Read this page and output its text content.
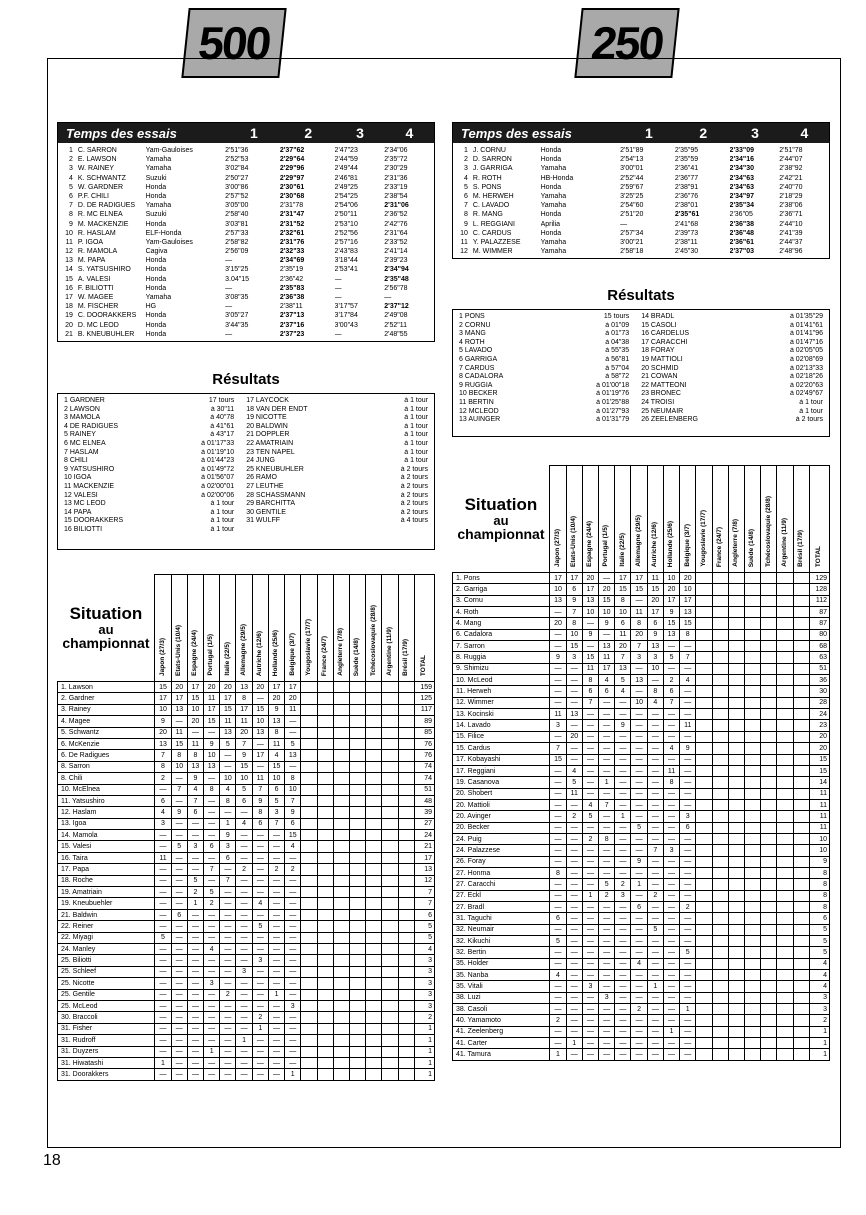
500	250
Temps des essais	1	2	3	4
1 C. SARRON	Yam-Gauloises	2'51"36	2'37"62	2'47"23	2'34"06
2 E. LAWSON	Yamaha	2'52"53	2'29"64	2'44"59	2'35"72
3 W. RAINEY	Yamaha	3'02"84	2'29"96	2'49"44	2'30"29
4 K. SCHWANTZ	Suzuki	2'50"27	2'29"97	2'46"81	2'31"36
5 W. GARDNER	Honda	3'00"86	2'30"61	2'49"25	2'33"19
6 P.F. CHILI	Honda	2'57"52	2'30"68	2'54"25	2'38"54
7 D. DE RADIGUES	Yamaha	3'05"00	2'31"78	2'54"06	2'31"06
8 R. MC ELNEA	Suzuki	2'58"40	2'31"47	2'50"11	2'36"52
9 M. MACKENZIE	Honda	3'03"81	2'31"52	2'53"10	2'42"76
10 R. HASLAM	ELF-Honda	2'57"33	2'32"61	2'52"56	2'31"64
11 P. IGOA	Yam-Gauloises	2'58"82	2'31"76	2'57"16	2'33"52
12 R. MAMOLA	Cagiva	2'56"09	2'32"33	2'43"83	2'41"14
13 M. PAPA	Honda	—	2'34"69	3'18"44	2'39"23
14 S. YATSUSHIRO	Honda	3'15"25	2'35"19	2'53"41	2'34"94
15 A. VALESI	Honda	3.04"15	2'36"42	—	2'35"48
16 F. BILIOTTI	Honda	—	2'35"83	—	2'56"78
17 W. MAGEE	Yamaha	3'08"35	2'36"38	—	—
18 M. FISCHER	HG	—	2'38"11	3'17"57	2'37"12
19 C. DOORAKKERS	Honda	3'05"27	2'37"13	3'17"84	2'49"08
20 D. MC LEOD	Honda	3'44"35	2'37"16	3'00"43	2'52"11
21 B. KNEUBUHLER	Honda	—	2'37"23	—	2'48"55
Temps des essais	1	2	3	4
1 J. CORNU	Honda	2'51"89	2'35"95	2'33"09	2'51"78
2 D. SARRON	Honda	2'54"13	2'35"59	2'34"16	2'44"07
3 J. GARRIGA	Yamaha	3'00"01	2'36"41	2'34"30	2'38"92
4 R. ROTH	HB-Honda	2'52"44	2'36"77	2'34"63	2'42"21
5 S. PONS	Honda	2'59"67	2'38"91	2'34"63	2'40"70
6 M. HERWEH	Yamaha	3'25"25	2'36"76	2'34"97	2'18"29
7 C. LAVADO	Yamaha	2'54"60	2'38"01	2'35"34	2'38"06
8 R. MANG	Honda	2'51"20	2'35"61	2'36"05	2'36"71
9 L. REGGIANI	Aprilia	—	2'41"68	2'36"38	2'44"10
10 C. CARDUS	Honda	2'57"34	2'39"73	2'36"48	2'41"39
11 Y. PALAZZESE	Yamaha	3'00"21	2'38"11	2'36"61	2'44"37
12 M. WIMMER	Yamaha	2'58"18	2'45"30	2'37"03	2'48"96
Résultats
1 GARDNER	17 tours	17 LAYCOCK	à 1 tour
2 LAWSON	à 30"11	18 VAN DER ENDT	à 1 tour
3 MAMOLA	à 40"78	19 NICOTTE	à 1 tour
4 DE RADIGUES	à 41"61	20 BALDWIN	à 1 tour
5 RAINEY	à 43"17	21 DOPPLER	à 1 tour
6 MC ELNEA	à 01'17"33	22 AMATRIAIN	à 1 tour
7 HASLAM	à 01'19"10	23 TEN NAPEL	à 1 tour
8 CHILI	à 01'44"23	24 JUNG	à 1 tour
9 YATSUSHIRO	à 01'49"72	25 KNEUBUHLER	à 2 tours
10 IGOA	à 01'56"07	26 RAMO	à 2 tours
11 MACKENZIE	à 02'00"01	27 LEUTHE	à 2 tours
12 VALESI	à 02'00"06	28 SCHASSMANN	à 2 tours
13 MC LEOD	à 1 tour	29 BARCHITTA	à 2 tours
14 PAPA	à 1 tour	30 GENTILE	à 2 tours
15 DOORAKKERS	à 1 tour	31 WULFF	à 4 tours
16 BILIOTTI	à 1 tour
Résultats
1 PONS	15 tours	14 BRADL	à 01'35"29
2 CORNU	à 01"09	15 CASOLI	à 01'41"61
3 MANG	à 01"73	16 CARDELUS	à 01'41"96
4 ROTH	à 04"38	17 CARACCHI	à 01'47"16
5 LAVADO	à 55"35	18 FORAY	à 02'05"05
6 GARRIGA	à 56"81	19 MATTIOLI	à 02'08"69
7 CARDUS	à 57"04	20 SCHMID	à 02'13"33
8 CADALORA	à 58"72	21 COWAN	à 02'18"26
9 RUGGIA	à 01'00"18	22 MATTEONI	à 02'20"63
10 BECKER	à 01'19"76	23 BRONEC	à 02'49"67
11 BERTIN	à 01'25"88	24 TROISI	à 1 tour
12 MCLEOD	à 01'27"93	25 NEUMAIR	à 1 tour
13 AUINGER	à 01'31"79	26 ZEELENBERG	à 2 tours
Situation
au
championnat	Japon (27/3)	Etats-Unis (10/4)	Espagne (24/4)	Portugal (1/5)	Italie (22/5)	Allemagne (29/5)	Autriche (12/6)	Hollande (25/6)	Belgique (3/7)	Yougoslavie (17/7)	France (24/7)	Angleterre (7/8)	Suède (14/8)	Tchécoslovaquie (28/8)	Argentine (11/9)	Brésil (17/9)	TOTAL
1. Lawson	15	20	17	20	20	13	20	17	17								159
2. Gardner	17	17	15	11	17	8	—	20	20								125
3. Rainey	10	13	10	17	15	17	15	9	11								117
4. Magee	9	—	20	15	11	11	10	13	—								89
5. Schwantz	20	11	—	—	13	20	13	8	—								85
6. McKenzie	13	15	11	9	5	7	—	11	5								76
6. De Radigues	7	8	8	10	—	9	17	4	13								76
8. Sarron	8	10	13	13	—	15	—	15	—								74
8. Chili	2	—	9	—	10	10	11	10	8								74
10. McElnea	—	7	4	8	4	5	7	6	10								51
11. Yatsushiro	6	—	7	—	8	6	9	5	7								48
12. Haslam	4	9	6	—	—	—	8	3	9								39
13. Igoa	3	—	—	—	1	4	6	7	6								27
14. Mamola	—	—	—	—	9	—	—	—	15								24
15. Valesi	—	5	3	6	3	—	—	—	4								21
16. Taira	11	—	—	—	6	—	—	—	—								17
17. Papa	—	—	—	7	—	2	—	2	2								13
18. Roche	—	—	5	—	7	—	—	—	—								12
19. Amatriain	—	—	2	5	—	—	—	—	—								7
19. Kneubuehler	—	—	1	2	—	—	4	—	—								7
21. Baldwin	—	6	—	—	—	—	—	—	—								6
22. Reiner	—	—	—	—	—	—	5	—	—								5
22. Miyagi	5	—	—	—	—	—	—	—	—								5
24. Manley	—	—	—	4	—	—	—	—	—								4
25. Biliotti	—	—	—	—	—	—	3	—	—								3
25. Schleef	—	—	—	—	—	3	—	—	—								3
25. Nicotte	—	—	—	3	—	—	—	—	—								3
25. Gentile	—	—	—	—	2	—	—	1	—								3
25. McLeod	—	—	—	—	—	—	—	—	3								3
30. Braccoli	—	—	—	—	—	—	2	—	—								2
31. Fisher	—	—	—	—	—	—	1	—	—								1
31. Rudroff	—	—	—	—	—	1	—	—	—								1
31. Duyzers	—	—	—	1	—	—	—	—	—								1
31. Hiwatashi	1	—	—	—	—	—	—	—	—								1
31. Doorakkers	—	—	—	—	—	—	—	—	1								1
Situation
au
championnat	Japon (27/3)	Etats-Unis (10/4)	Espagne (24/4)	Portugal (1/5)	Italie (22/5)	Allemagne (29/5)	Autriche (12/6)	Hollande (25/6)	Belgique (3/7)	Yougoslavie (17/7)	France (24/7)	Angleterre (7/8)	Suède (14/8)	Tchécoslovaquie (28/8)	Argentine (11/9)	Brésil (17/9)	TOTAL
1. Pons	17	17	20	—	17	17	11	10	20								129
2. Garriga	10	6	17	20	15	15	15	20	10								128
3. Cornu	13	9	13	15	8	—	20	17	17								112
4. Roth	—	7	10	10	10	11	17	9	13								87
4. Mang	20	8	—	9	6	8	6	15	15								87
6. Cadalora	—	10	9	—	11	20	9	13	8								80
7. Sarron	—	15	—	13	20	7	13	—	—								68
8. Ruggia	9	3	15	11	7	3	3	5	7								63
9. Shimizu	—	—	11	17	13	—	10	—	—								51
10. McLeod	—	—	8	4	5	13	—	2	4								36
11. Herweh	—	—	6	6	4	—	8	6	—								30
12. Wimmer	—	—	7	—	—	10	4	7	—								28
13. Kocinski	11	13	—	—	—	—	—	—	—								24
14. Lavado	3	—	—	—	9	—	—	—	11								23
15. Filice	—	20	—	—	—	—	—	—	—								20
15. Cardus	7	—	—	—	—	—	—	4	9								20
17. Kobayashi	15	—	—	—	—	—	—	—	—								15
17. Reggiani	—	4	—	—	—	—	—	11	—								15
19. Casanova	—	5	—	1	—	—	—	8	—								14
20. Shobert	—	11	—	—	—	—	—	—	—								11
20. Mattioli	—	—	4	7	—	—	—	—	—								11
20. Avinger	—	2	5	—	1	—	—	—	3								11
20. Becker	—	—	—	—	—	5	—	—	6								11
24. Puig	—	—	2	8	—	—	—	—	—								10
24. Palazzese	—	—	—	—	—	—	7	3	—								10
26. Foray	—	—	—	—	—	9	—	—	—								9
27. Honma	8	—	—	—	—	—	—	—	—								8
27. Caracchi	—	—	—	5	2	1	—	—	—								8
27. Eckl	—	—	1	2	3	—	2	—	—								8
27. Bradl	—	—	—	—	—	6	—	—	2								8
31. Taguchi	6	—	—	—	—	—	—	—	—								6
32. Neumair	—	—	—	—	—	—	5	—	—								5
32. Kikuchi	5	—	—	—	—	—	—	—	—								5
32. Bertin	—	—	—	—	—	—	—	—	5								5
35. Holder	—	—	—	—	—	4	—	—	—								4
35. Nanba	4	—	—	—	—	—	—	—	—								4
35. Vitali	—	—	3	—	—	—	1	—	—								4
38. Luzi	—	—	—	3	—	—	—	—	—								3
38. Casoli	—	—	—	—	—	2	—	—	1								3
40. Yamamoto	2	—	—	—	—	—	—	—	—								2
41. Zeelenberg	—	—	—	—	—	—	—	1	—								1
41. Carter	—	1	—	—	—	—	—	—	—								1
41. Tamura	1	—	—	—	—	—	—	—	—								1
18
